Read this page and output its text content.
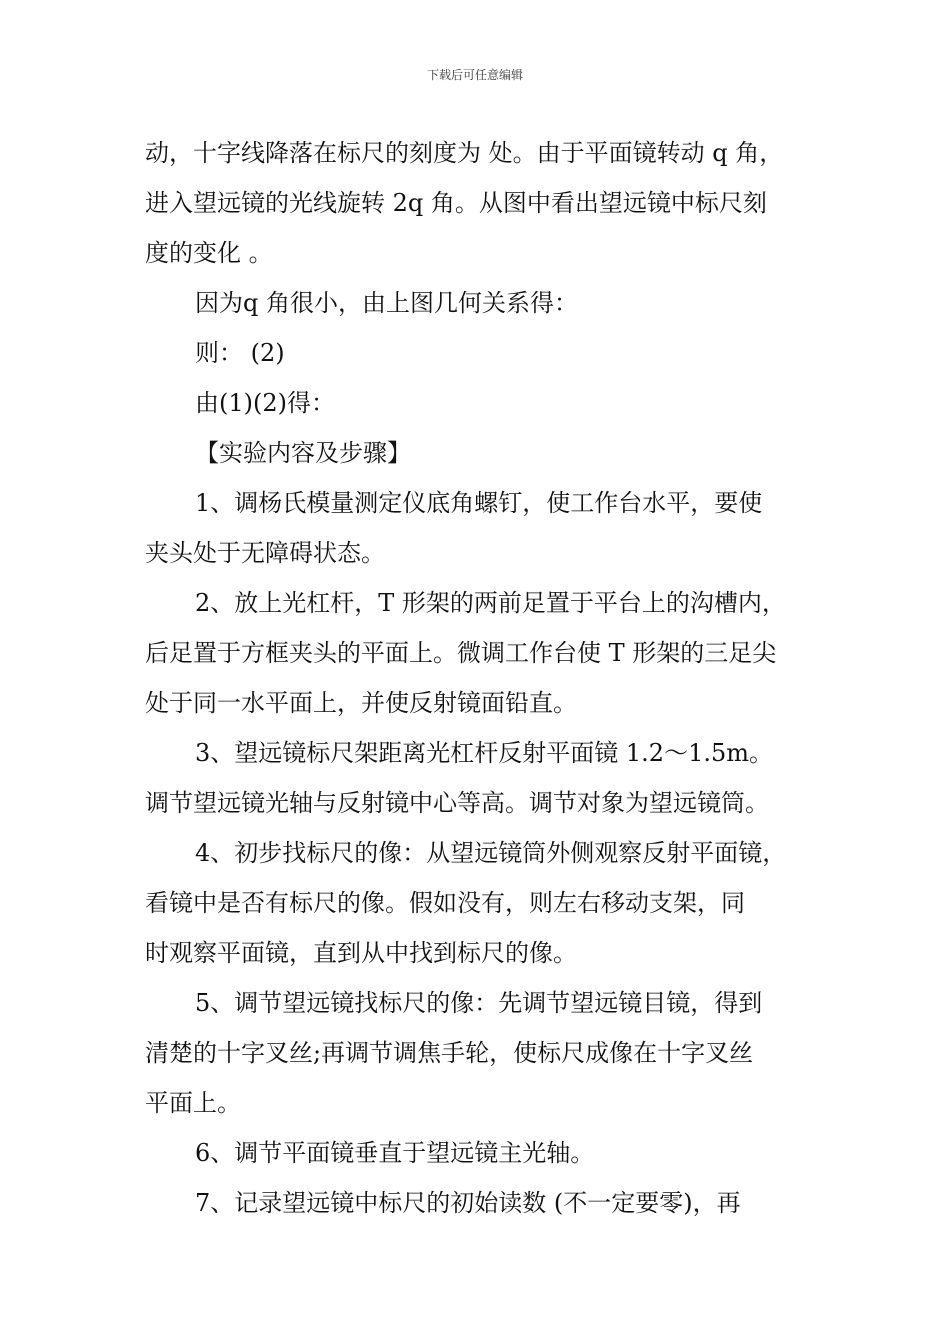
下载后可任意编辑

动，十字线降落在标尺的刻度为 处。由于平面镜转动 q 角，

进入望远镜的光线旋转 2q 角。从图中看出望远镜中标尺刻

度的变化 。

因为q 角很小，由上图几何关系得：

则： (2)

由(1)(2)得：

【实验内容及步骤】

1、调杨氏模量测定仪底角螺钉，使工作台水平，要使

夹头处于无障碍状态。

2、放上光杠杆，T 形架的两前足置于平台上的沟槽内，

后足置于方框夹头的平面上。微调工作台使 T 形架的三足尖

处于同一水平面上，并使反射镜面铅直。

3、望远镜标尺架距离光杠杆反射平面镜 1.2～1.5m。

调节望远镜光轴与反射镜中心等高。调节对象为望远镜筒。

4、初步找标尺的像：从望远镜筒外侧观察反射平面镜，

看镜中是否有标尺的像。假如没有，则左右移动支架，同

时观察平面镜，直到从中找到标尺的像。

5、调节望远镜找标尺的像：先调节望远镜目镜，得到

清楚的十字叉丝;再调节调焦手轮，使标尺成像在十字叉丝

平面上。

6、调节平面镜垂直于望远镜主光轴。

7、记录望远镜中标尺的初始读数 (不一定要零)，再
